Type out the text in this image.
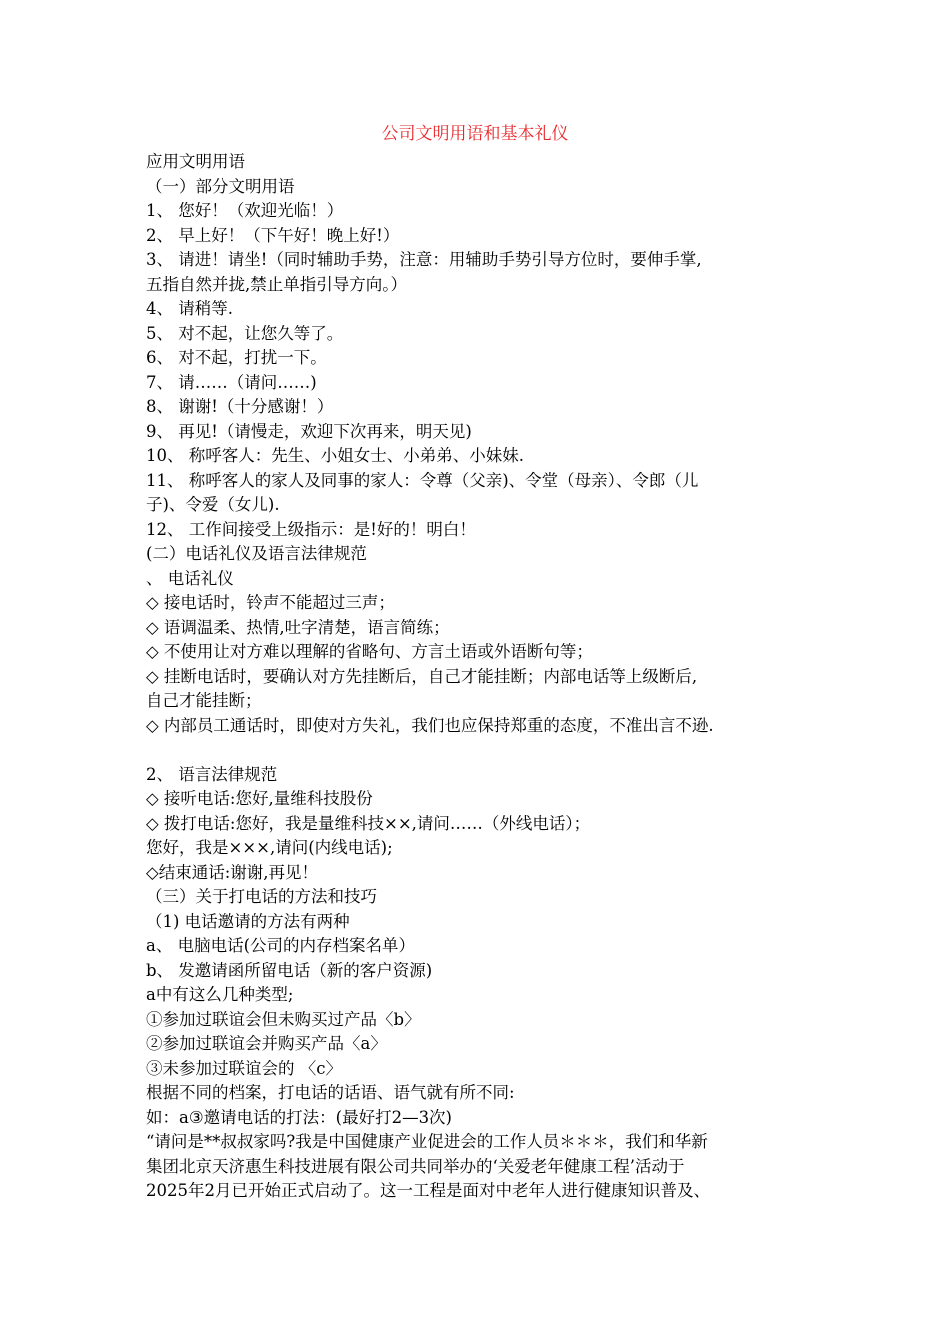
公司文明用语和基本礼仪
应用文明用语
（一）部分文明用语
1、 您好！（欢迎光临！）
2、 早上好！（下午好！晚上好!）
3、 请进！请坐!（同时辅助手势，注意：用辅助手势引导方位时，要伸手掌,
五指自然并拢,禁止单指引导方向。）
4、 请稍等.
5、 对不起，让您久等了。
6、 对不起，打扰一下。
7、 请……（请问……)
8、 谢谢!（十分感谢！）
9、 再见!（请慢走，欢迎下次再来，明天见)
10、 称呼客人：先生、小姐女士、小弟弟、小妹妹.
11、 称呼客人的家人及同事的家人：令尊（父亲)、令堂（母亲）、令郎（儿
子)、令爱（女儿).
12、 工作间接受上级指示：是!好的！明白！
(二）电话礼仪及语言法律规范
、 电话礼仪
◇ 接电话时，铃声不能超过三声；
◇ 语调温柔、热情,吐字清楚，语言简练；
◇ 不使用让对方难以理解的省略句、方言土语或外语断句等；
◇ 挂断电话时，要确认对方先挂断后，自己才能挂断；内部电话等上级断后,
自己才能挂断；
◇ 内部员工通话时，即使对方失礼，我们也应保持郑重的态度，不准出言不逊.
2、 语言法律规范
◇ 接听电话:您好,量维科技股份
◇ 拨打电话:您好，我是量维科技××,请问……（外线电话）；
您好，我是×××,请问(内线电话);
◇结束通话:谢谢,再见！
（三）关于打电话的方法和技巧
（1) 电话邀请的方法有两种
a、 电脑电话(公司的内存档案名单）
b、 发邀请函所留电话（新的客户资源)
a中有这么几种类型;
①参加过联谊会但未购买过产品〈b〉
②参加过联谊会并购买产品〈a〉
③未参加过联谊会的 〈c〉
根据不同的档案，打电话的话语、语气就有所不同:
如：a③邀请电话的打法：(最好打2—3次)
“请问是**叔叔家吗?我是中国健康产业促进会的工作人员＊＊＊，我们和华新
集团北京天济惠生科技进展有限公司共同举办的‘关爱老年健康工程’活动于
2025年2月已开始正式启动了。这一工程是面对中老年人进行健康知识普及、
